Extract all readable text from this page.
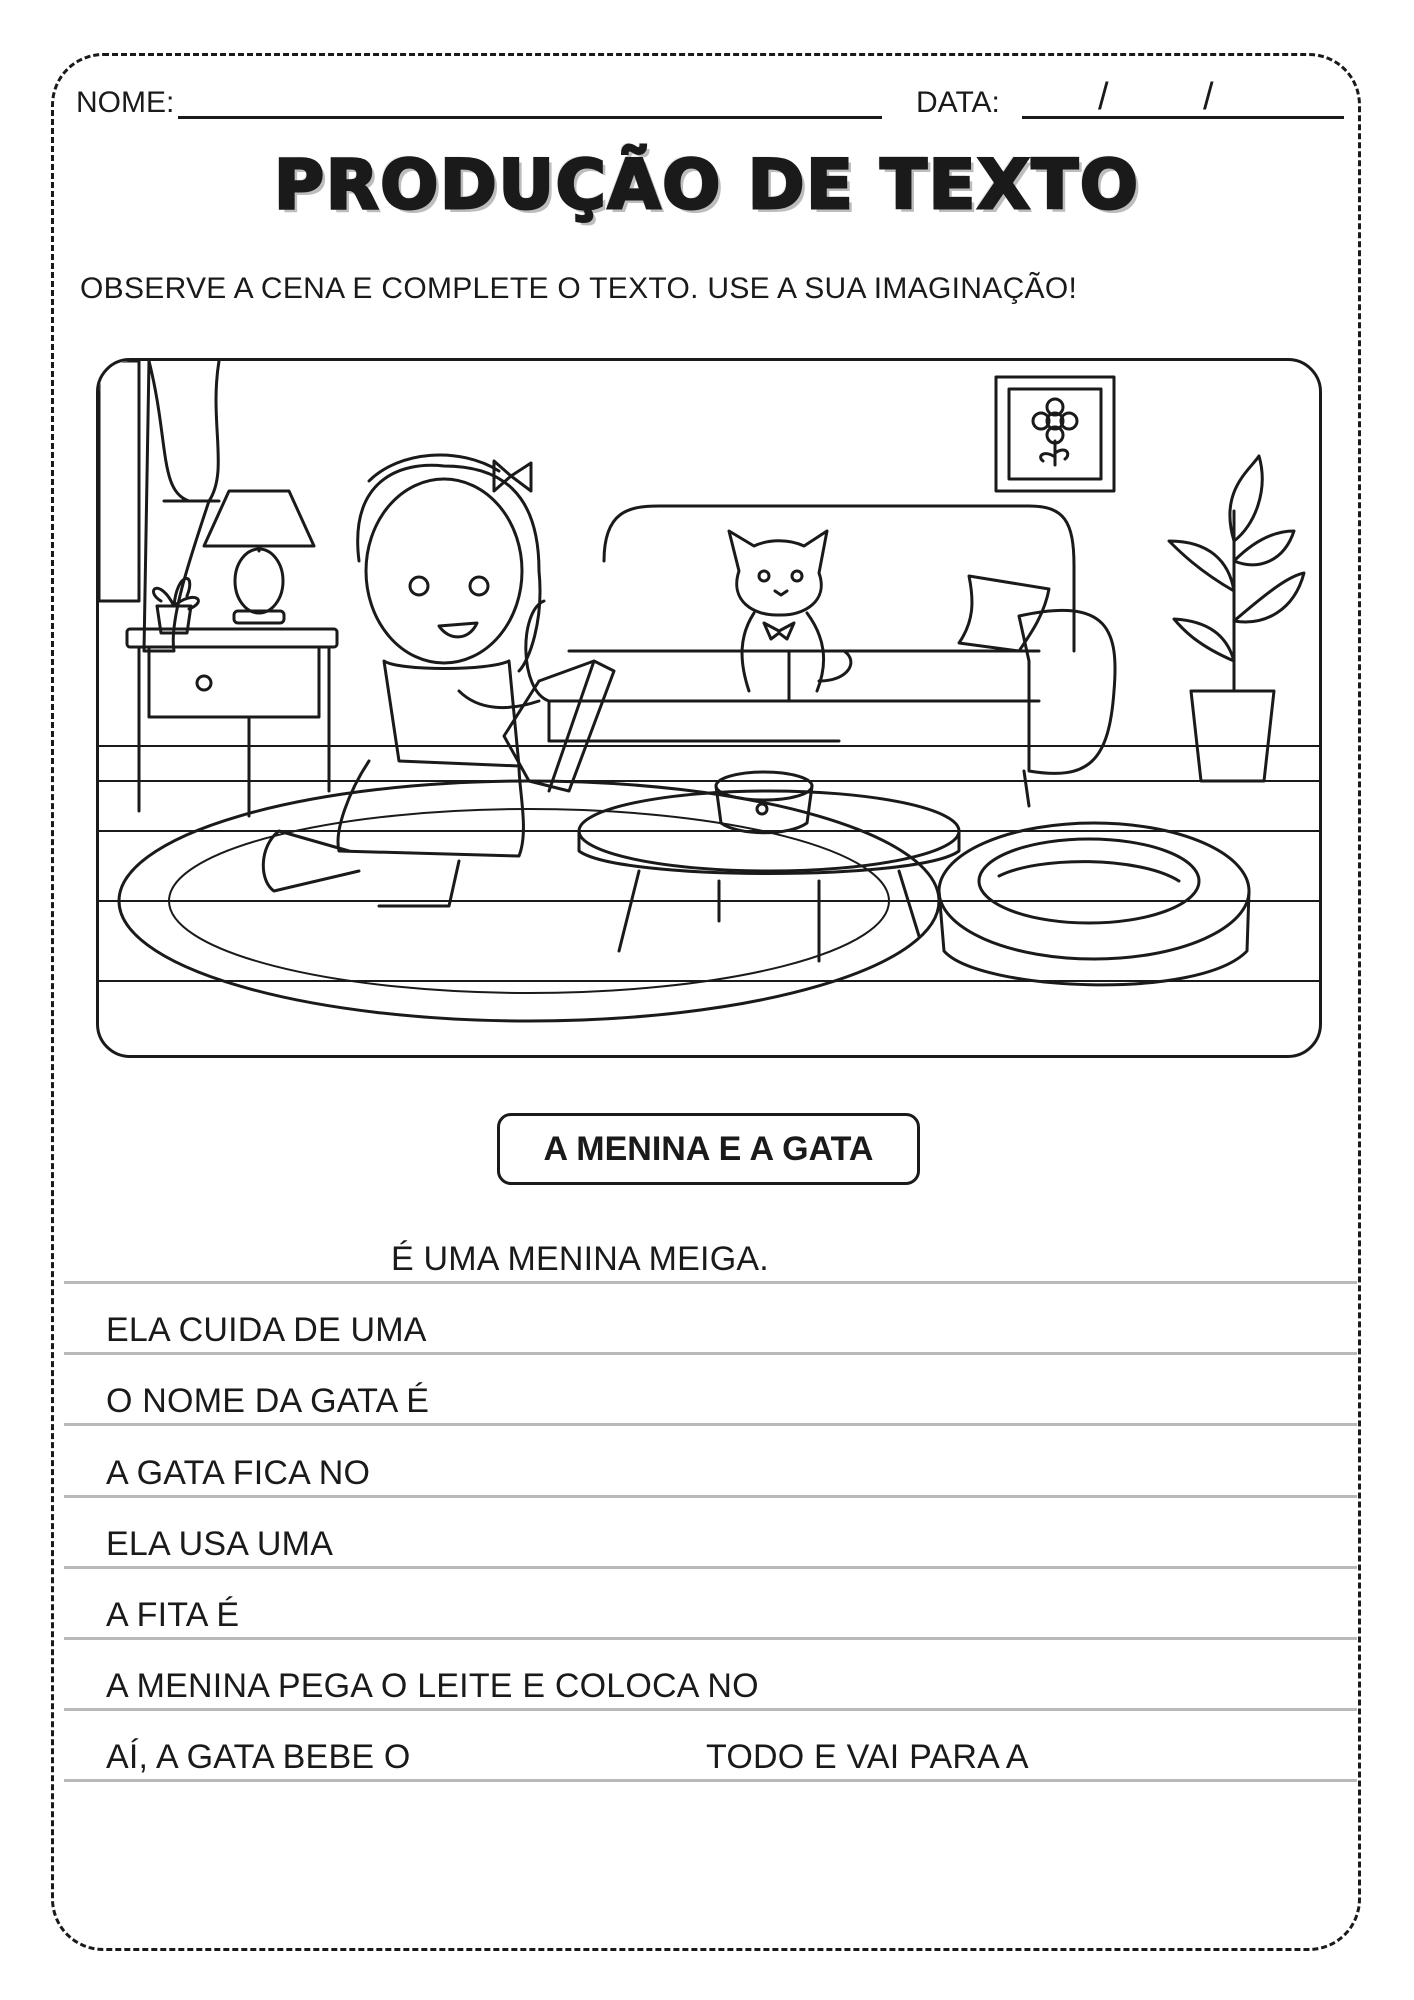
NOME:	DATA:	/ /
PRODUÇÃO DE TEXTO
OBSERVE A CENA E COMPLETE O TEXTO. USE A SUA IMAGINAÇÃO!
A MENINA E A GATA
É UMA MENINA MEIGA.
ELA CUIDA DE UMA
O NOME DA GATA É
A GATA FICA NO
ELA USA UMA
A FITA É
A MENINA PEGA O LEITE E COLOCA NO
AÍ, A GATA BEBE O	TODO E VAI PARA A
